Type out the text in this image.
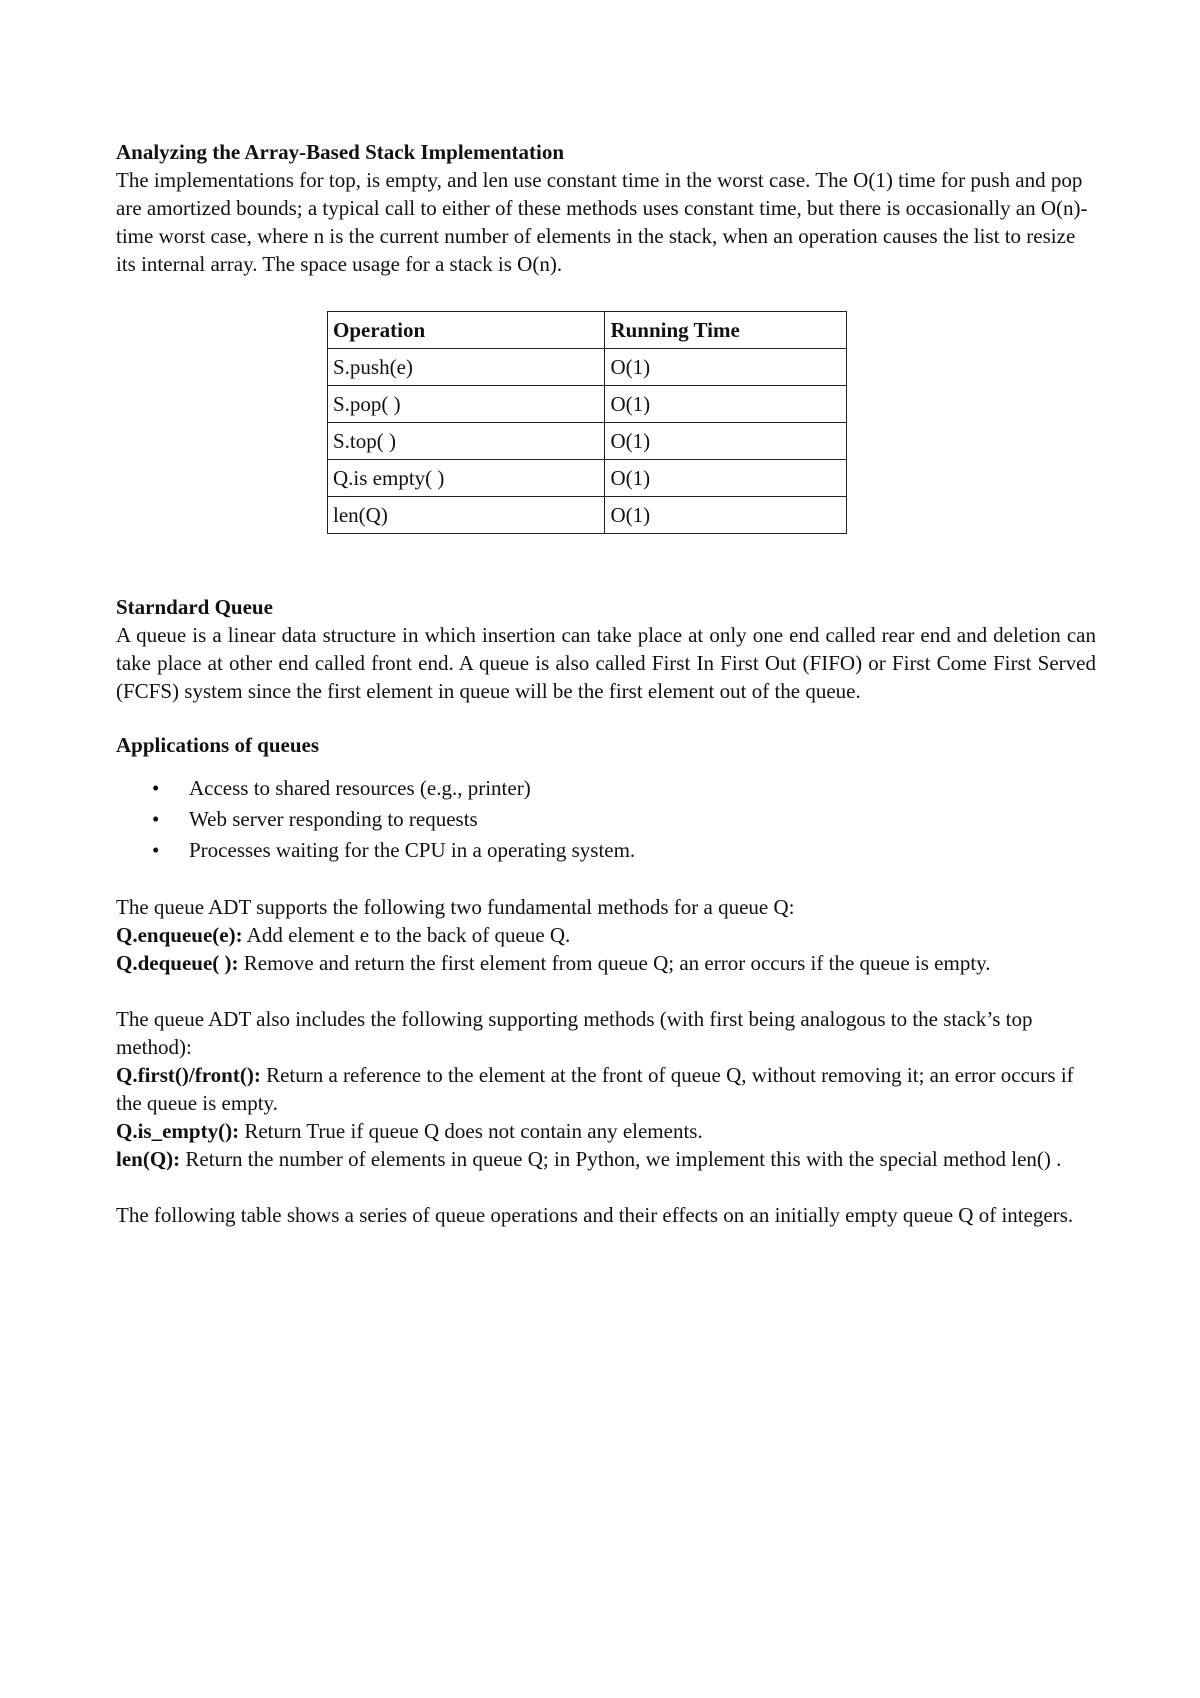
Analyzing the Array-Based Stack Implementation

The implementations for top, is empty, and len use constant time in the worst case. The O(1) time for push and pop are amortized bounds; a typical call to either of these methods uses constant time, but there is occasionally an O(n)-time worst case, where n is the current number of elements in the stack, when an operation causes the list to resize its internal array. The space usage for a stack is O(n).

Operation	Running Time
S.push(e)	O(1)
S.pop( )	O(1)
S.top( )	O(1)
Q.is empty( )	O(1)
len(Q)	O(1)

Starndard Queue

A queue is a linear data structure in which insertion can take place at only one end called rear end and deletion can take place at other end called front end. A queue is also called First In First Out (FIFO) or First Come First Served (FCFS) system since the first element in queue will be the first element out of the queue.

Applications of queues

• Access to shared resources (e.g., printer)
• Web server responding to requests
• Processes waiting for the CPU in a operating system.

The queue ADT supports the following two fundamental methods for a queue Q:

Q.enqueue(e): Add element e to the back of queue Q.

Q.dequeue( ): Remove and return the first element from queue Q; an error occurs if the queue is empty.

The queue ADT also includes the following supporting methods (with first being analogous to the stack’s top method):

Q.first()/front(): Return a reference to the element at the front of queue Q, without removing it; an error occurs if the queue is empty.

Q.is_empty(): Return True if queue Q does not contain any elements.

len(Q): Return the number of elements in queue Q; in Python, we implement this with the special method len() .

The following table shows a series of queue operations and their effects on an initially empty queue Q of integers.
